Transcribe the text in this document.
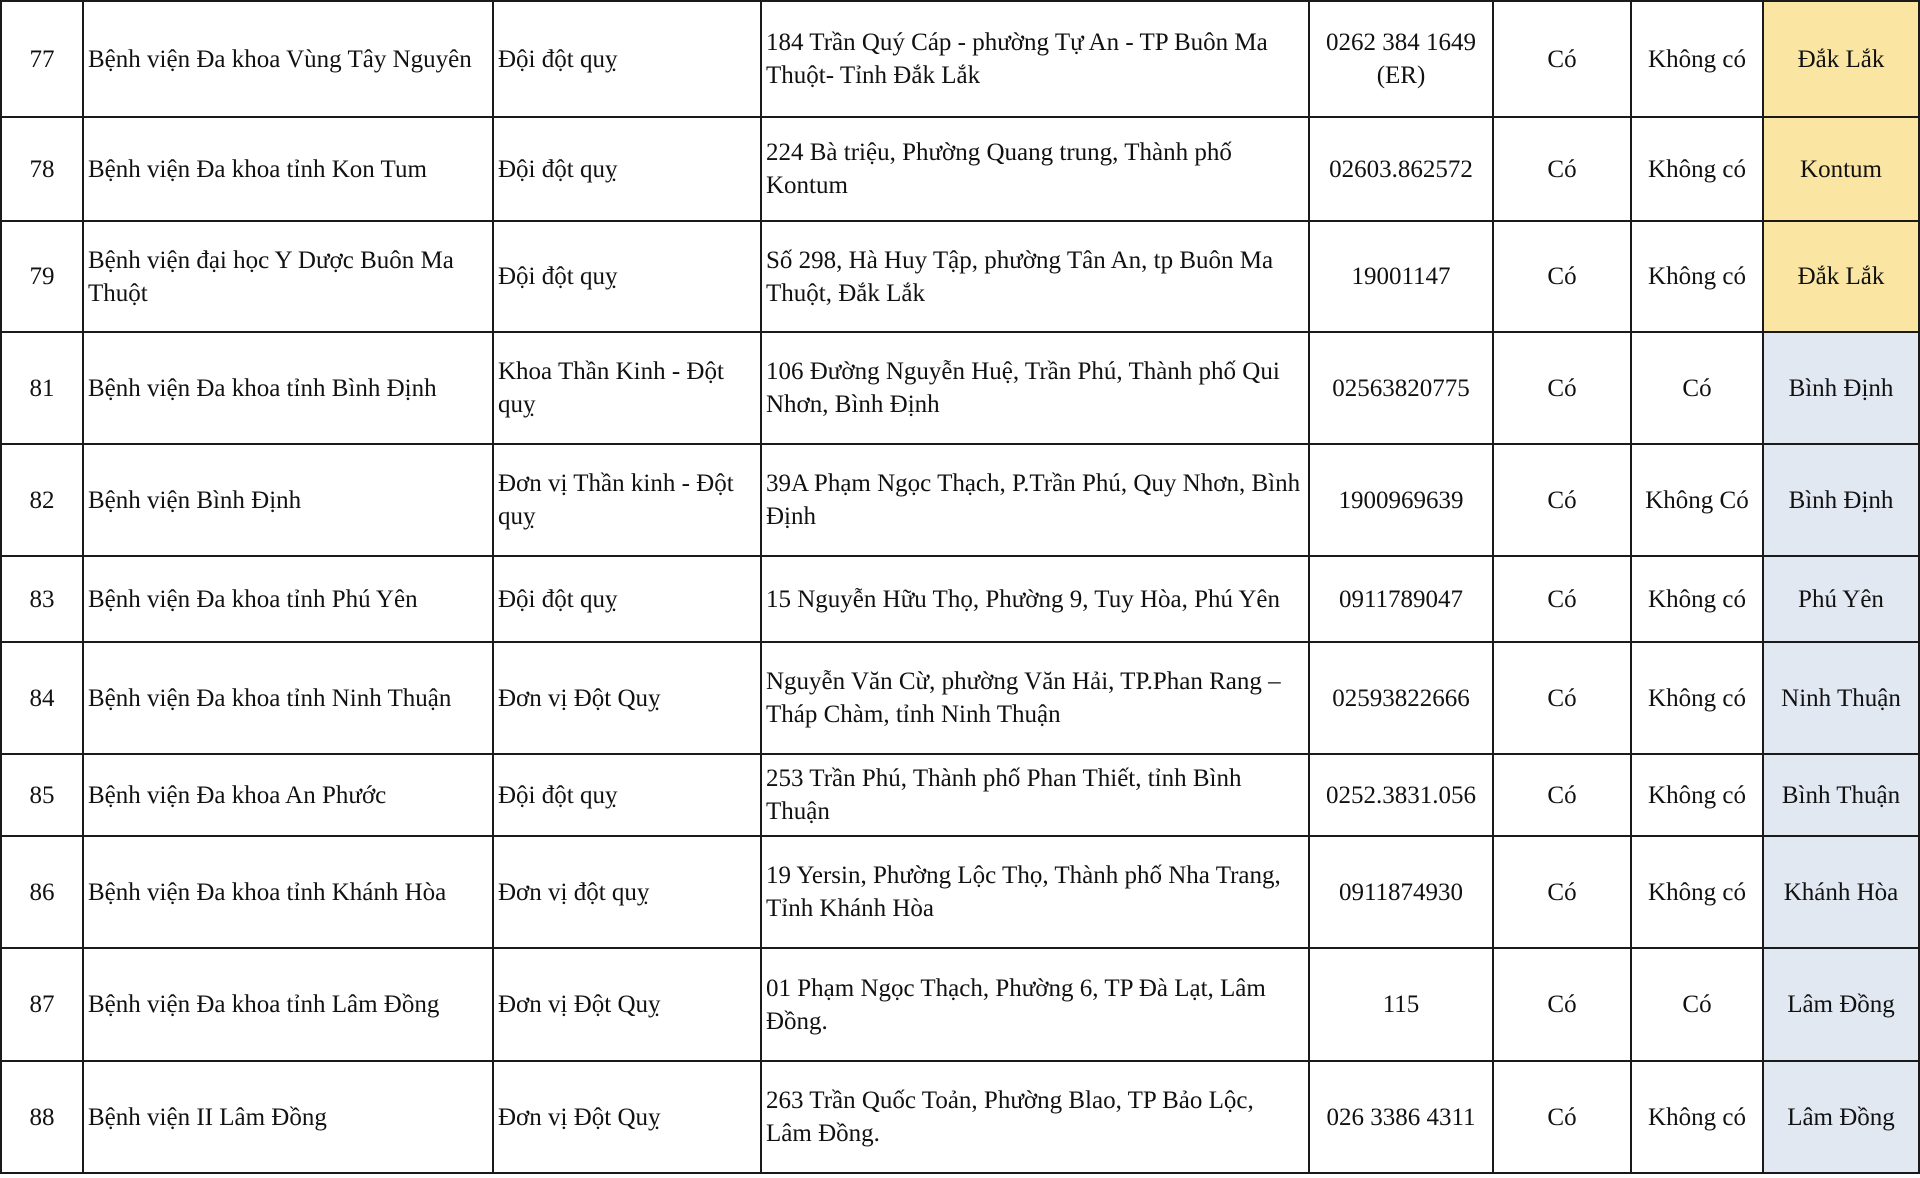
77	Bệnh viện Đa khoa Vùng Tây Nguyên	Đội đột quỵ	184 Trần Quý Cáp - phường Tự An - TP Buôn Ma Thuột- Tỉnh Đắk Lắk	0262 384 1649 (ER)	Có	Không có	Đắk Lắk
78	Bệnh viện Đa khoa tỉnh Kon Tum	Đội đột quỵ	224 Bà triệu, Phường Quang trung, Thành phố Kontum	02603.862572	Có	Không có	Kontum
79	Bệnh viện đại học Y Dược Buôn Ma Thuột	Đội đột quỵ	Số 298, Hà Huy Tập, phường Tân An, tp Buôn Ma Thuột, Đắk Lắk	19001147	Có	Không có	Đắk Lắk
81	Bệnh viện Đa khoa tỉnh Bình Định	Khoa Thần Kinh - Đột quỵ	106 Đường Nguyễn Huệ, Trần Phú, Thành phố Qui Nhơn, Bình Định	02563820775	Có	Có	Bình Định
82	Bệnh viện Bình Định	Đơn vị Thần kinh - Đột quỵ	39A Phạm Ngọc Thạch, P.Trần Phú, Quy Nhơn, Bình Định	1900969639	Có	Không Có	Bình Định
83	Bệnh viện Đa khoa tỉnh Phú Yên	Đội đột quỵ	15 Nguyễn Hữu Thọ, Phường 9, Tuy Hòa, Phú Yên	0911789047	Có	Không có	Phú Yên
84	Bệnh viện Đa khoa tỉnh Ninh Thuận	Đơn vị Đột Quỵ	Nguyễn Văn Cừ, phường Văn Hải, TP.Phan Rang – Tháp Chàm, tỉnh Ninh Thuận	02593822666	Có	Không có	Ninh Thuận
85	Bệnh viện Đa khoa An Phước	Đội đột quỵ	253 Trần Phú, Thành phố Phan Thiết, tỉnh Bình Thuận	0252.3831.056	Có	Không có	Bình Thuận
86	Bệnh viện Đa khoa tỉnh Khánh Hòa	Đơn vị đột quỵ	19 Yersin, Phường Lộc Thọ, Thành phố Nha Trang, Tỉnh Khánh Hòa	0911874930	Có	Không có	Khánh Hòa
87	Bệnh viện Đa khoa tỉnh Lâm Đồng	Đơn vị Đột Quỵ	01 Phạm Ngọc Thạch, Phường 6, TP Đà Lạt, Lâm Đồng.	115	Có	Có	Lâm Đồng
88	Bệnh viện II Lâm Đồng	Đơn vị Đột Quỵ	263 Trần Quốc Toản, Phường Blao, TP Bảo Lộc, Lâm Đồng.	026 3386 4311	Có	Không có	Lâm Đồng
